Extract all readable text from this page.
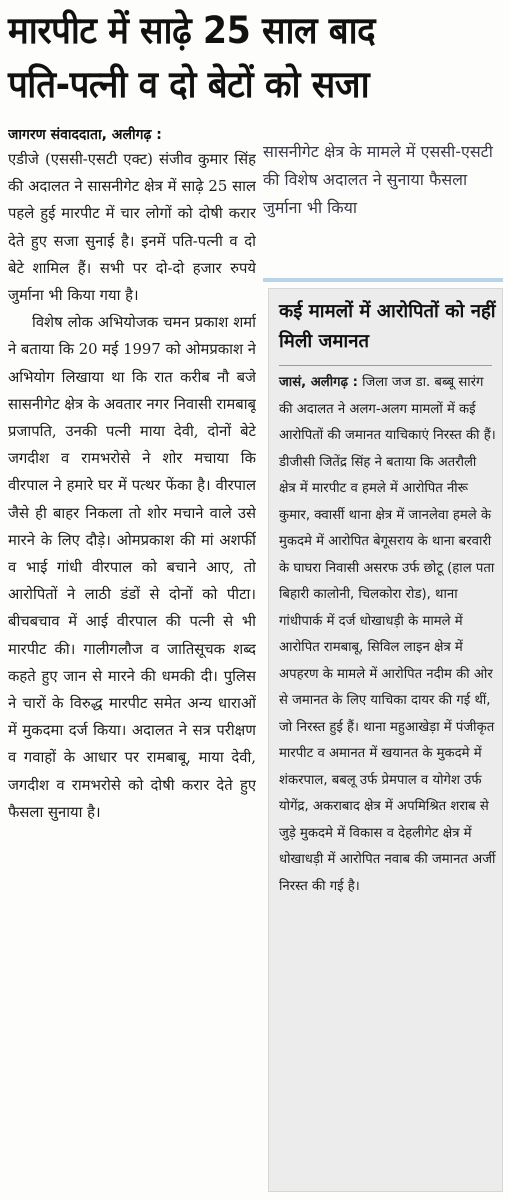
मारपीट में साढ़े 25 साल बाद
पति-पत्नी व दो बेटों को सजा
जागरण संवाददाता, अलीगढ़ :

एडीजे (एससी-एसटी एक्ट) संजीव कुमार सिंह की अदालत ने सासनीगेट क्षेत्र में साढ़े 25 साल पहले हुई मारपीट में चार लोगों को दोषी करार देते हुए सजा सुनाई है। इनमें पति-पत्नी व दो बेटे शामिल हैं। सभी पर दो-दो हजार रुपये जुर्माना भी किया गया है।

विशेष लोक अभियोजक चमन प्रकाश शर्मा ने बताया कि 20 मई 1997 को ओमप्रकाश ने अभियोग लिखाया था कि रात करीब नौ बजे सासनीगेट क्षेत्र के अवतार नगर निवासी रामबाबू प्रजापति, उनकी पत्नी माया देवी, दोनों बेटे जगदीश व रामभरोसे ने शोर मचाया कि वीरपाल ने हमारे घर में पत्थर फेंका है। वीरपाल जैसे ही बाहर निकला तो शोर मचाने वाले उसे मारने के लिए दौड़े। ओमप्रकाश की मां अशर्फी व भाई गांधी वीरपाल को बचाने आए, तो आरोपितों ने लाठी डंडों से दोनों को पीटा। बीचबचाव में आई वीरपाल की पत्नी से भी मारपीट की। गालीगलौज व जातिसूचक शब्द कहते हुए जान से मारने की धमकी दी। पुलिस ने चारों के विरुद्ध मारपीट समेत अन्य धाराओं में मुकदमा दर्ज किया। अदालत ने सत्र परीक्षण व गवाहों के आधार पर रामबाबू, माया देवी, जगदीश व रामभरोसे को दोषी करार देते हुए फैसला सुनाया है।

सासनीगेट क्षेत्र के मामले में एससी-एसटी की विशेष अदालत ने सुनाया फैसला जुर्माना भी किया

कई मामलों में आरोपितों को नहीं मिली जमानत

जासं, अलीगढ़ : जिला जज डा. बब्बू सारंग की अदालत ने अलग-अलग मामलों में कई आरोपितों की जमानत याचिकाएं निरस्त की हैं। डीजीसी जितेंद्र सिंह ने बताया कि अतरौली क्षेत्र में मारपीट व हमले में आरोपित नीरू कुमार, क्वार्सी थाना क्षेत्र में जानलेवा हमले के मुकदमे में आरोपित बेगूसराय के थाना बरवारी के घाघरा निवासी असरफ उर्फ छोटू (हाल पता बिहारी कालोनी, चिलकोरा रोड), थाना गांधीपार्क में दर्ज धोखाधड़ी के मामले में आरोपित रामबाबू, सिविल लाइन क्षेत्र में अपहरण के मामले में आरोपित नदीम की ओर से जमानत के लिए याचिका दायर की गई थीं, जो निरस्त हुई हैं। थाना महुआखेड़ा में पंजीकृत मारपीट व अमानत में खयानत के मुकदमे में शंकरपाल, बबलू उर्फ प्रेमपाल व योगेश उर्फ योगेंद्र, अकराबाद क्षेत्र में अपमिश्रित शराब से जुड़े मुकदमे में विकास व देहलीगेट क्षेत्र में धोखाधड़ी में आरोपित नवाब की जमानत अर्जी निरस्त की गई है।
